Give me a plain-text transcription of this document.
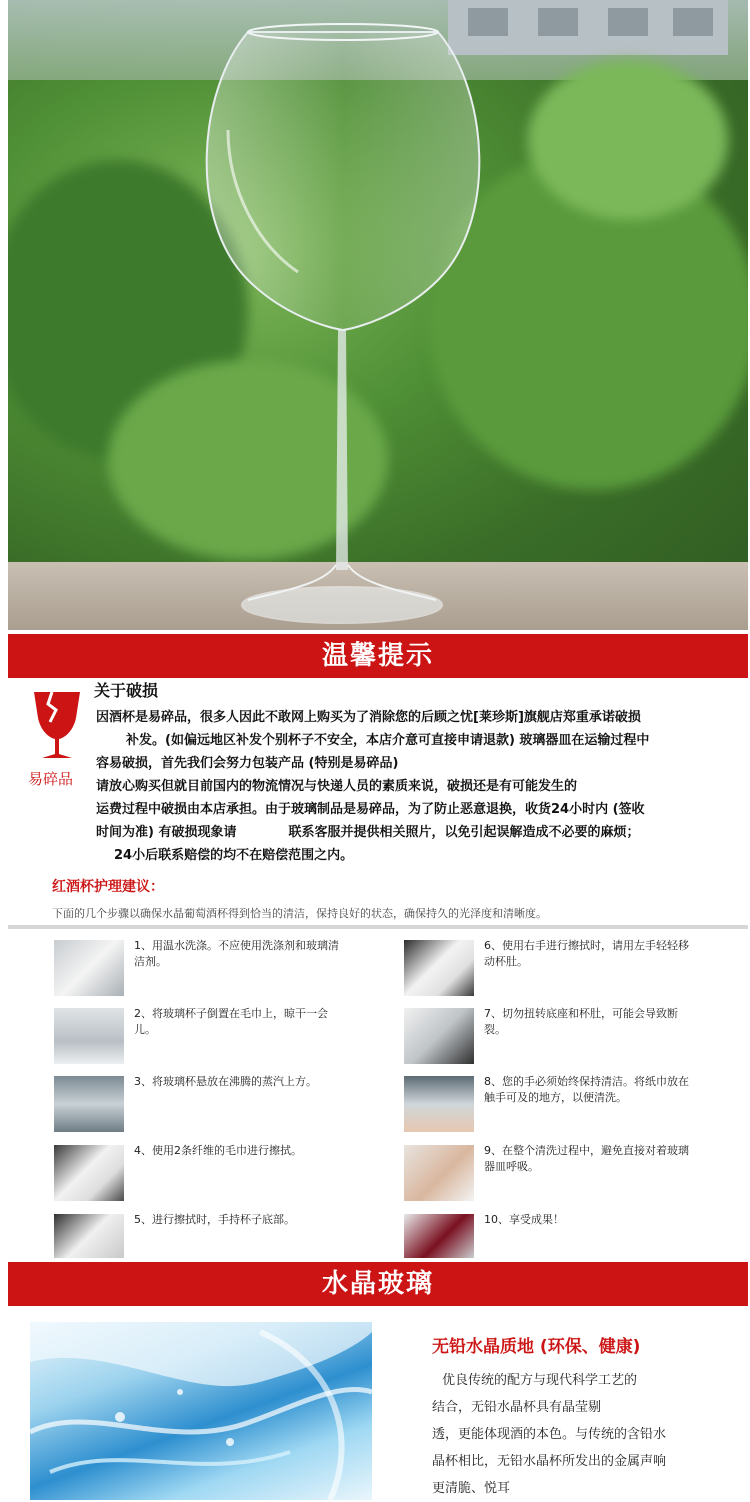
温馨提示
易碎品
关于破损

因酒杯是易碎品，很多人因此不敢网上购买为了消除您的后顾之忧[莱珍斯]旗舰店郑重承诺破损

补发。(如偏远地区补发个别杯子不安全，本店介意可直接申请退款) 玻璃器皿在运输过程中

容易破损，首先我们会努力包装产品 (特别是易碎品)

请放心购买但就目前国内的物流情况与快递人员的素质来说，破损还是有可能发生的

运费过程中破损由本店承担。由于玻璃制品是易碎品，为了防止恶意退换，收货24小时内 (签收

时间为准) 有破损现象请　　　　联系客服并提供相关照片，以免引起误解造成不必要的麻烦；

24小后联系赔偿的均不在赔偿范围之内。

红酒杯护理建议：
下面的几个步骤以确保水晶葡萄酒杯得到恰当的清洁，保持良好的状态，确保持久的光泽度和清晰度。
1、用温水洗涤。不应使用洗涤剂和玻璃清洁剂。
2、将玻璃杯子倒置在毛巾上，晾干一会儿。
3、将玻璃杯悬放在沸腾的蒸汽上方。
4、使用2条纤维的毛巾进行擦拭。
5、进行擦拭时，手持杯子底部。
6、使用右手进行擦拭时，请用左手轻轻移动杯肚。
7、切勿扭转底座和杯肚，可能会导致断裂。
8、您的手必须始终保持清洁。将纸巾放在触手可及的地方，以便清洗。
9、在整个清洗过程中，避免直接对着玻璃器皿呼吸。
10、享受成果！
水晶玻璃
无铅水晶质地 (环保、健康)

优良传统的配方与现代科学工艺的

结合，无铅水晶杯具有晶莹剔

透，更能体现酒的本色。与传统的含铅水

晶杯相比，无铅水晶杯所发出的金属声响

更清脆、悦耳
